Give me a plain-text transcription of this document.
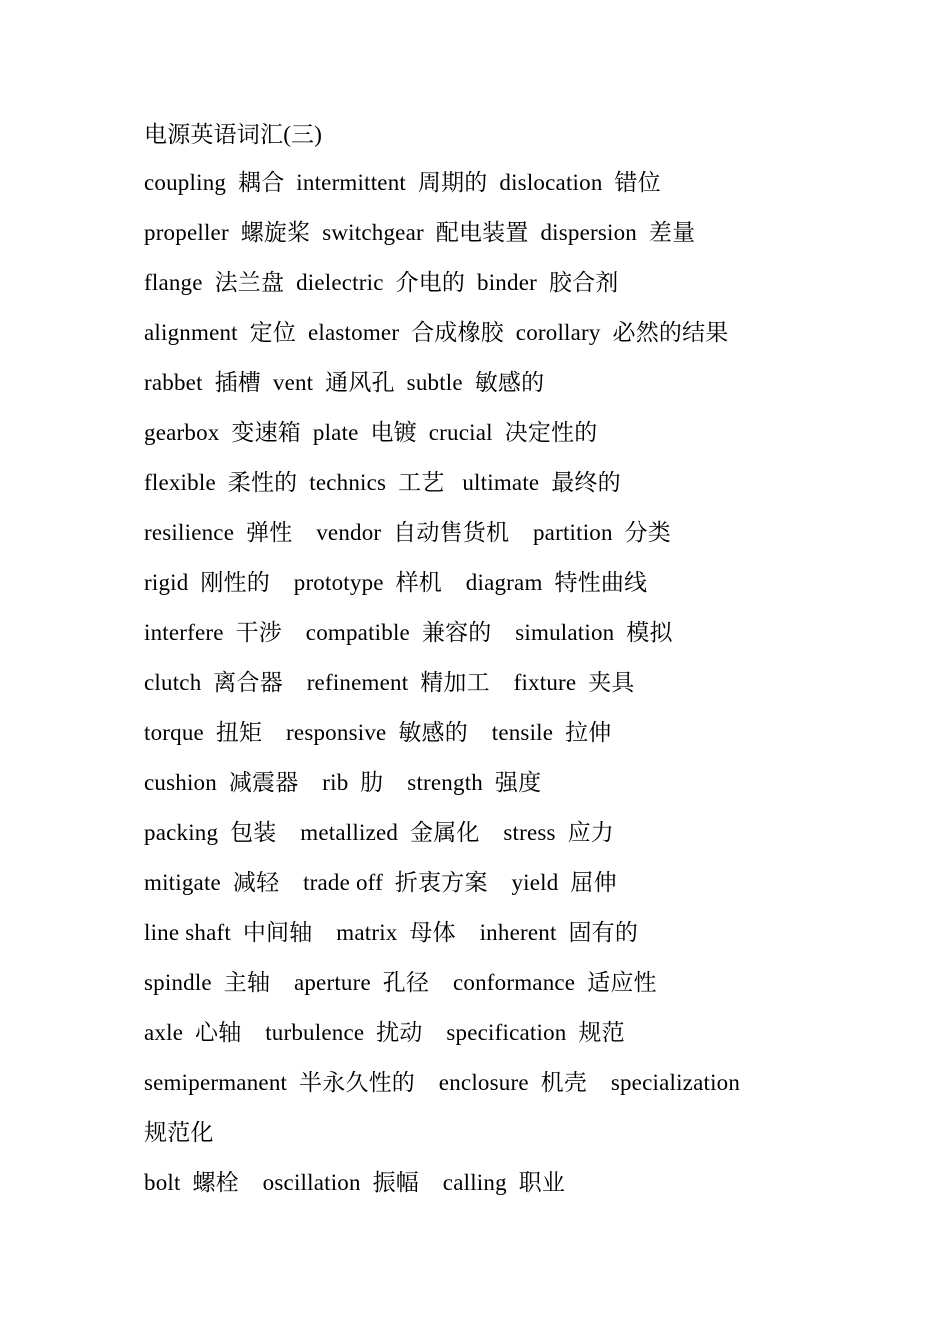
电源英语词汇(三)
coupling  耦合  intermittent  周期的  dislocation  错位
propeller  螺旋桨  switchgear  配电装置  dispersion  差量
flange  法兰盘  dielectric  介电的  binder  胶合剂
alignment  定位  elastomer  合成橡胶  corollary  必然的结果
rabbet  插槽  vent  通风孔  subtle  敏感的
gearbox  变速箱  plate  电镀  crucial  决定性的
flexible  柔性的  technics  工艺   ultimate  最终的
resilience  弹性    vendor  自动售货机    partition  分类
rigid  刚性的    prototype  样机    diagram  特性曲线
interfere  干涉    compatible  兼容的    simulation  模拟
clutch  离合器    refinement  精加工    fixture  夹具
torque  扭矩    responsive  敏感的    tensile  拉伸
cushion  减震器    rib  肋    strength  强度
packing  包装    metallized  金属化    stress  应力
mitigate  减轻    trade off  折衷方案    yield  屈伸
line shaft  中间轴    matrix  母体    inherent  固有的
spindle  主轴    aperture  孔径    conformance  适应性
axle  心轴    turbulence  扰动    specification  规范
semipermanent  半永久性的    enclosure  机壳    specialization
规范化
bolt  螺栓    oscillation  振幅    calling  职业
